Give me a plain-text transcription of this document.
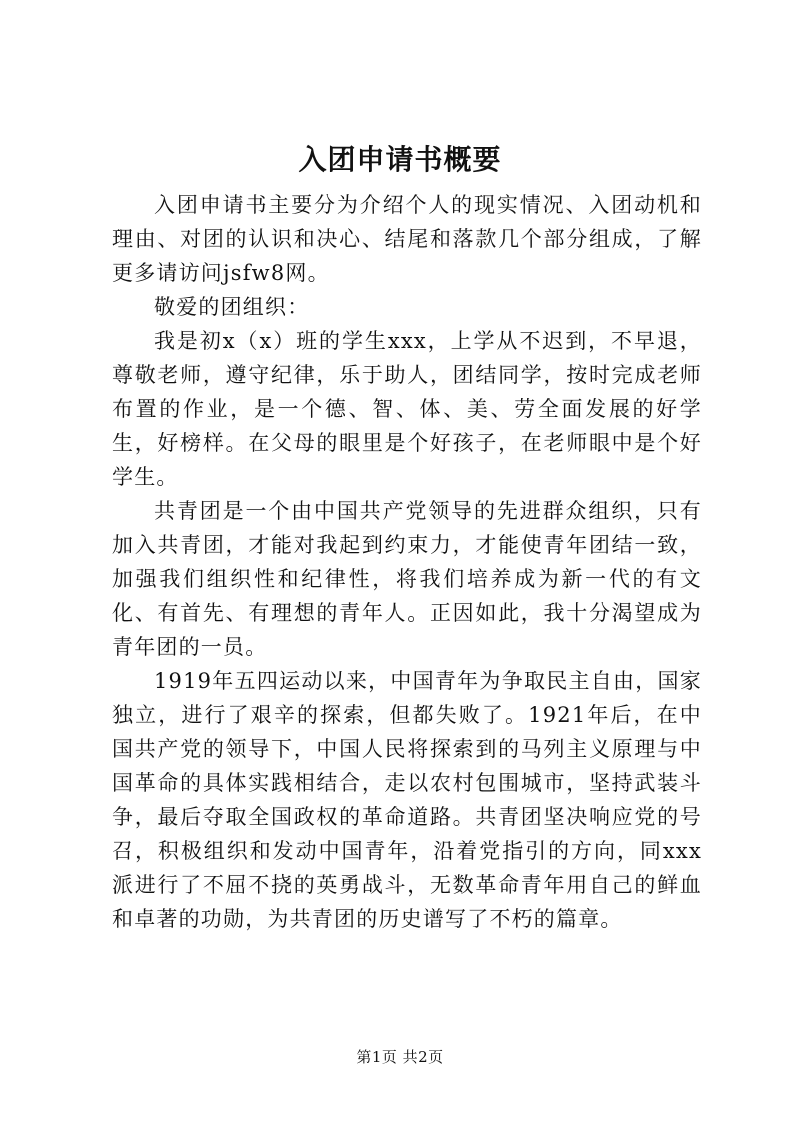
入团申请书概要

入团申请书主要分为介绍个人的现实情况、入团动机和理由、对团的认识和决心、结尾和落款几个部分组成，了解更多请访问jsfw8网。

敬爱的团组织：

我是初x（x）班的学生xxx，上学从不迟到，不早退，尊敬老师，遵守纪律，乐于助人，团结同学，按时完成老师布置的作业，是一个德、智、体、美、劳全面发展的好学生，好榜样。在父母的眼里是个好孩子，在老师眼中是个好学生。

共青团是一个由中国共产党领导的先进群众组织，只有加入共青团，才能对我起到约束力，才能使青年团结一致，加强我们组织性和纪律性，将我们培养成为新一代的有文化、有首先、有理想的青年人。正因如此，我十分渴望成为青年团的一员。

1919年五四运动以来，中国青年为争取民主自由，国家独立，进行了艰辛的探索，但都失败了。1921年后，在中国共产党的领导下，中国人民将探索到的马列主义原理与中国革命的具体实践相结合，走以农村包围城市，坚持武装斗争，最后夺取全国政权的革命道路。共青团坚决响应党的号召，积极组织和发动中国青年，沿着党指引的方向，同xxx派进行了不屈不挠的英勇战斗，无数革命青年用自己的鲜血和卓著的功勋，为共青团的历史谱写了不朽的篇章。

第1页 共2页
